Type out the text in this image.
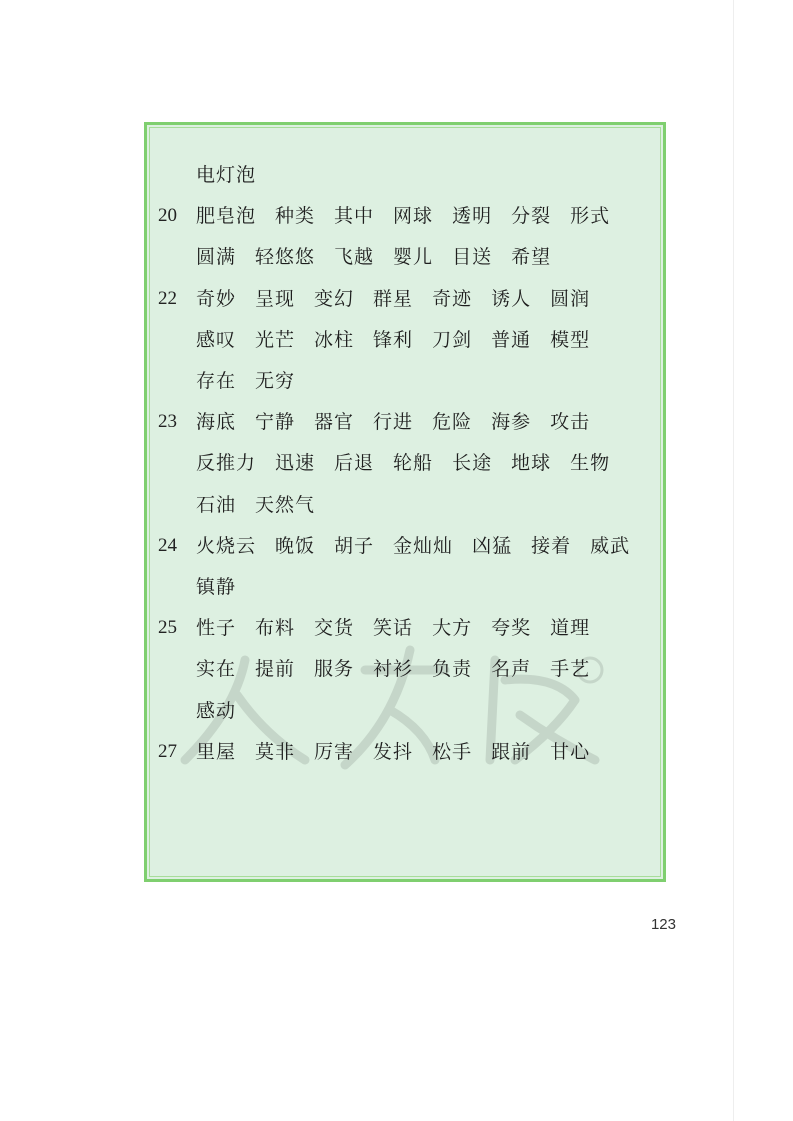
电灯泡
20	肥皂泡 种类 其中 网球 透明 分裂 形式
圆满 轻悠悠 飞越 婴儿 目送 希望
22	奇妙 呈现 变幻 群星 奇迹 诱人 圆润
感叹 光芒 冰柱 锋利 刀剑 普通 模型
存在 无穷
23	海底 宁静 器官 行进 危险 海参 攻击
反推力 迅速 后退 轮船 长途 地球 生物
石油 天然气
24	火烧云 晚饭 胡子 金灿灿 凶猛 接着 威武
镇静
25	性子 布料 交货 笑话 大方 夸奖 道理
实在 提前 服务 衬衫 负责 名声 手艺
感动
27	里屋 莫非 厉害 发抖 松手 跟前 甘心
123
